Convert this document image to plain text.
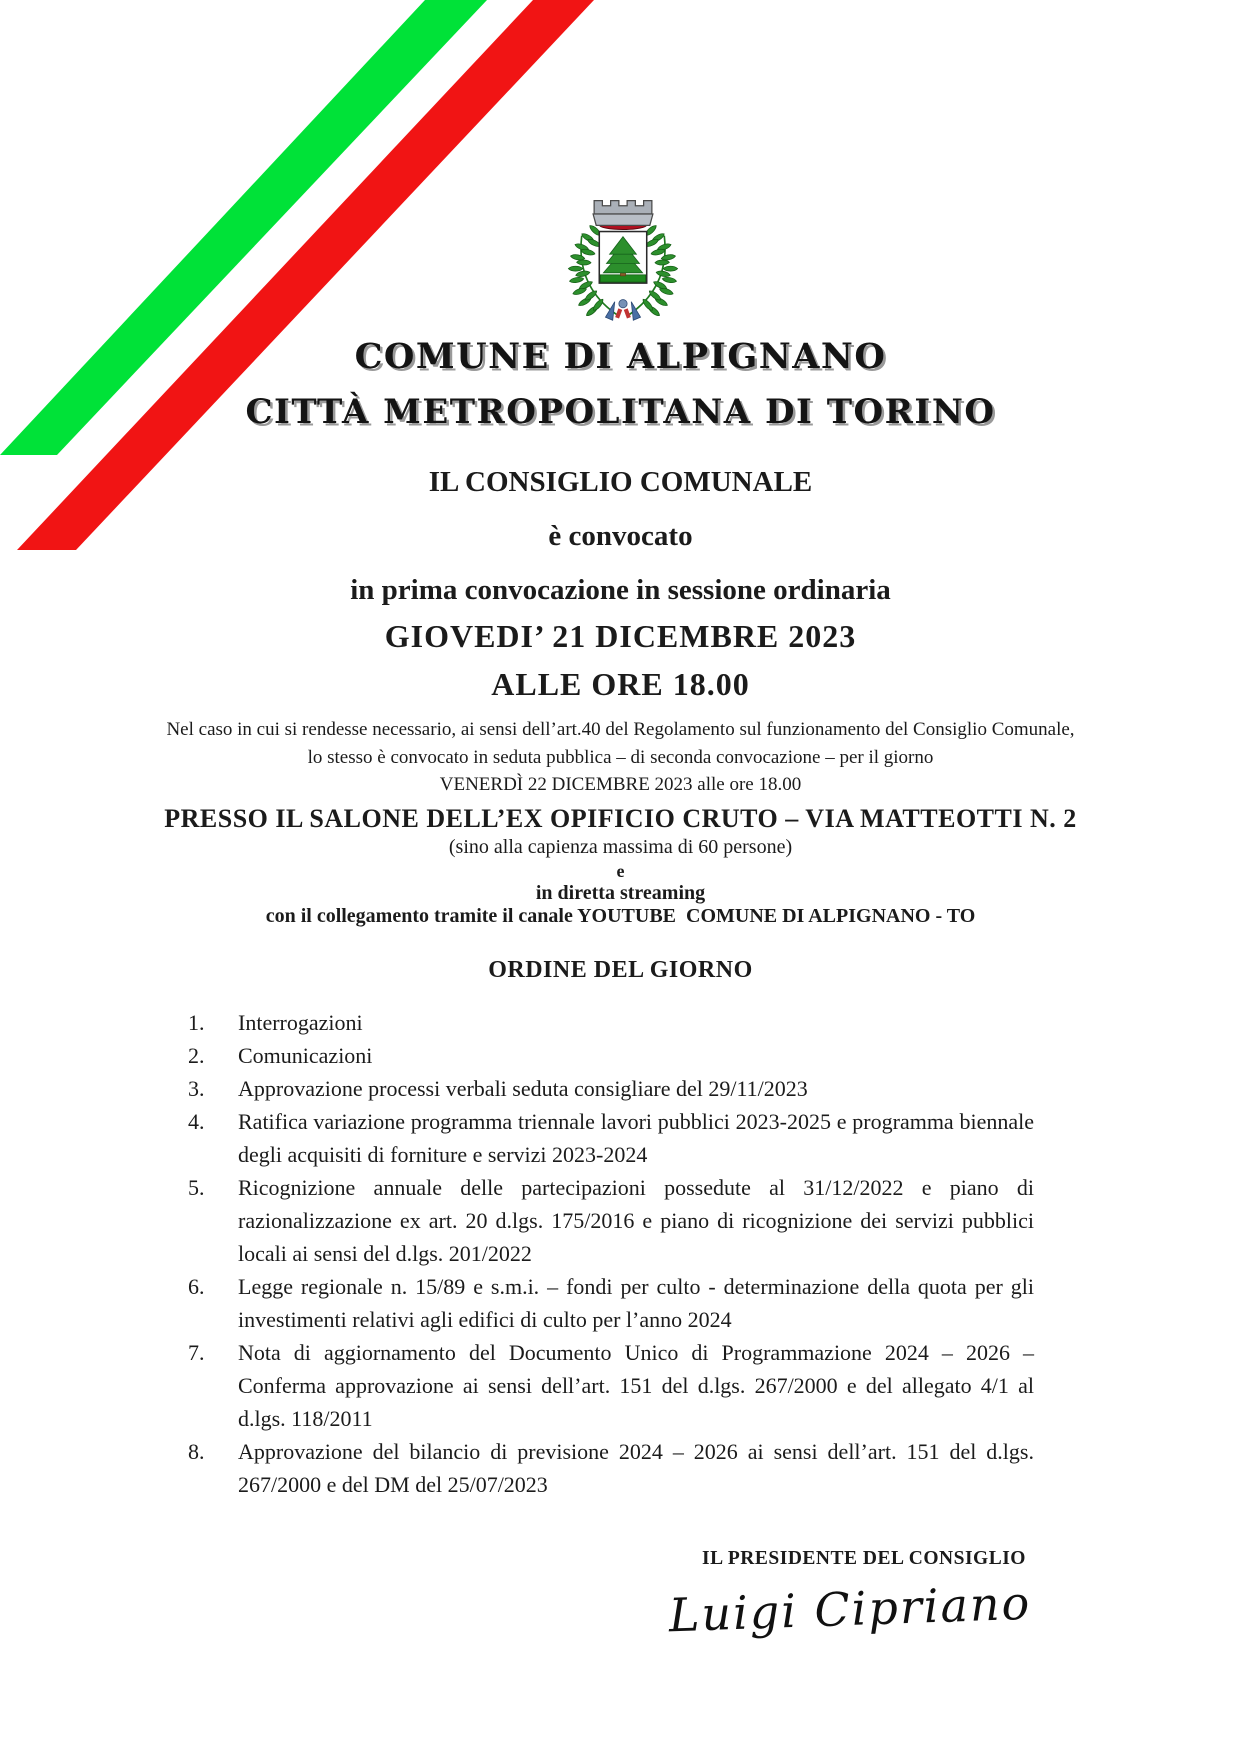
COMUNE DI ALPIGNANO
CITTÀ METROPOLITANA DI TORINO
IL CONSIGLIO COMUNALE
è convocato
in prima convocazione in sessione ordinaria
GIOVEDI’ 21 DICEMBRE 2023
ALLE ORE 18.00
Nel caso in cui si rendesse necessario, ai sensi dell’art.40 del Regolamento sul funzionamento del Consiglio Comunale,
lo stesso è convocato in seduta pubblica – di seconda convocazione – per il giorno
VENERDÌ 22 DICEMBRE 2023 alle ore 18.00
PRESSO IL SALONE DELL’EX OPIFICIO CRUTO – VIA MATTEOTTI N. 2
(sino alla capienza massima di 60 persone)
e
in diretta streaming
con il collegamento tramite il canale YOUTUBE  COMUNE DI ALPIGNANO - TO
ORDINE DEL GIORNO
1.	Interrogazioni
2.	Comunicazioni
3.	Approvazione processi verbali seduta consigliare del 29/11/2023
4.	Ratifica variazione programma triennale lavori pubblici 2023-2025 e programma biennale degli acquisiti di forniture e servizi 2023-2024
5.	Ricognizione annuale delle partecipazioni possedute al 31/12/2022 e piano di razionalizzazione ex art. 20 d.lgs. 175/2016 e piano di ricognizione dei servizi pubblici locali ai sensi del d.lgs. 201/2022
6.	Legge regionale n. 15/89 e s.m.i. – fondi per culto - determinazione della quota per gli investimenti relativi agli edifici di culto per l’anno 2024
7.	Nota di aggiornamento del Documento Unico di Programmazione 2024 – 2026 – Conferma approvazione ai sensi dell’art. 151 del d.lgs. 267/2000 e del allegato 4/1 al d.lgs. 118/2011
8.	Approvazione del bilancio di previsione 2024 – 2026 ai sensi dell’art. 151 del d.lgs. 267/2000 e del DM del 25/07/2023
IL PRESIDENTE DEL CONSIGLIO
Luigi Cipriano
